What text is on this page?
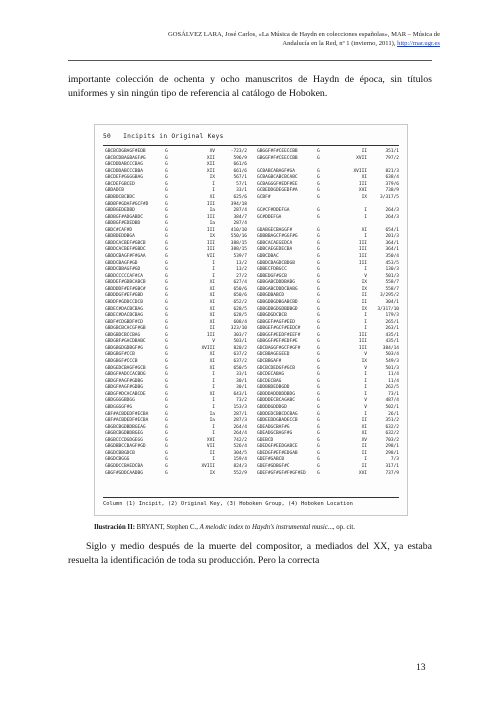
GOSÁLVEZ LARA, José Carlos, «La Música de Haydn en colecciones españolas», MAR – Música de
Andalucía en la Red, nº 1 (invierno, 2011), http://mar.ugr.es

importante colección de ochenta y ocho manuscritos de Haydn de época, sin títulos uniformes y sin ningún tipo de referencia al catálogo de Hoboken.

50 Incipits in Original Keys
GBCBCDGBAGF#EDB	G	XV	-723/2
GBCBCDBAGBAGF#G	G	XII	596/9
GBCDDDABCCCBAG	G	XII	661/6
GBCDDDABCCCBBA	G	XII	661/6
GBCDEF#GGGGBAG	G	IX	567/1
GBCDEFGBCED	G	I	57/1
GBDADCB	G	I	33/1
GBDBDCBCBDC	G	XI	625/6
GBDBF#GDAF#GCF#D	G	III	394/18
GBDBGEDEDBD	G	Ia	287/4
GBDBGF#ADGABDC	G	III	384/7
GBDBGF#EDEDBD	G	Ia	287/4
GBDC#CAF#D	G	III	410/10
GBDBDEDDBGA	G	IX	550/16
GBDDCACBEF#GBCB	G	III	388/15
GBDDCACBEF#GBDC	G	III	388/15
GBDDCBAGF#F#GAA	G	VII	539/7
GBDDCBAGF#GD	G	I	13/2
GBDDCBBAGF#GD	G	I	13/2
GBDDCCCCCAF#CA	G	I	27/2
GBDDEF#GDBCABCB	G	XI	627/4
GBDDDDF#EF#GBC#	G	XI	650/6
GBDDDGF#EF#GBD	G	XI	650/6
GBDDF#GDDCCDCB	G	XI	652/2
GBDEC#DACBCBAG	G	XI	628/5
GBDEC#DACBCBAG	G	XI	628/5
GBDF#CDGBDF#CD	G	XI	608/4
GBDGBCBCACGF#GB	G	II	323/10
GBDGBDCBCCBAG	G	III	303/7
GBDGBF#GACDBABC	G	V	503/1
GBDGBGDGDBGF#G	G	XVIII	820/2
GBDGBGF#CCB	G	XI	637/2
GBDGBGF#CCCB	G	XI	637/2
GBDGEDCBAGF#GCB	G	XI	650/5
GBDGF#ADCCACBDG	G	I	33/1
GBDGF#AGF#GDBG	G	I	30/1
GBDGF#AGF#GDBG	G	I	30/1
GBDGF#DCACABCDE	G	XI	643/1
GBDGGGGBDGG	G	I	73/2
GBDGGGGF#G	G	I	153/3
GBF#ACBDEDF#ECBA	G	Ia	287/1
GBF#ACBDEDF#ECBA	G	Ia	287/3
GBGBCBGDBDBGEAG	G	I	264/4
GBGBCBGDBDBGEG	G	I	264/4
GBGBCCCDGDGEGG	G	XVI	742/2
GBGDBBCCBAGF#GD	G	VII	526/4
GBGDCBBGDCB	G	II	304/5
GBGDCBGGG	G	I	159/4
GBGDDCCBAEDCBA	G	XVIII	824/3
GBGF#GDDCAADBG	G	IX	552/9
GBGGF#F#CEECCBB	G	II	351/1
GBGGF#F#CEECCBB	G	XVII	797/2
GCBABCABAGF#GA	G	XVIII	821/3
GCBAGBCABCBCABC	G	XI	638/4
GCBAGGGF#EDF#EE	G	III	379/6
GCBEDDGDEGEDF#A	G	XVI	738/9
GCBF#	G	IX	3/317/5
GC#CF#DDEFGA	G	I	264/3
GC#DDEFGA	G	I	264/3
GDABGECBAGGF#	G	XI	654/1
GDBBBAGCF#GGF#G	G	I	201/3
GDBCACAEGEDCA	G	III	364/1
GDBCAEGEDECBA	G	III	364/1
GDBCDBAC	G	III	350/4
GDBDCBAGDCBDGB	G	III	453/5
GDBECFDBGCC	G	I	130/3
GDBEDGF#GCB	G	V	501/3
GDBGABCDDDBABG	G	IX	558/7
GDBGABCDDDCBABG	G	IX	558/7
GDBGDBABCD	G	II	3/295/2
GDBGDBGDBGABCBD	G	II	304/1
GDBGDBGDGDBDBGD	G	IX 3/317/10
GDBGDGDCBCB	G	I	179/3
GDBGEF#AGF#EED	G	I	265/1
GDBGEF#GCF#EEDC#	G	I	263/1
GDBGGF#EEDF#EEF#	G	III	435/1
GDBGGF#EF#EDF#E	G	III	435/1
GDCBAGGF#GCF#GF#	G	III	384/14
GDCBBAGEGEED	G	V	503/4
GDCBBGAF#	G	IX	549/3
GDCBCDEDGF#GCB	G	V	501/3
GDCDECABAG	G	I	11/4
GDCDECBAG	G	I	11/4
GDDBBDEDBGDD	G	I	262/5
GDDDDADDDDDBDG	G	I	73/1
GDDDDECBCAGABC	G	V	487/4
GDDDDGDDDGD	G	V	502/1
GDDDEDCBBCDCBAG	G	I	26/1
GDDEEDDGBADECCB	G	II	351/2
GDEADGCBAF#G	G	XI	632/2
GDEADGCBAGF#G	G	XI	632/2
GDEBCD	G	XV	703/2
GDEDGF#EEDGABCE	G	II	298/1
GDEDGF#EF#EDGAB	G	II	298/1
GDEF#GABCB	G	I	7/3
GDEF#GDBGF#C	G	II	317/1
GDEF#GF#GF#F#GF#ED G	XVI	737/9
Column (1) Incipit, (2) Original Key, (3) Hoboken Group, (4) Hoboken Location
Ilustración II: BRYANT, Stephen C., A melodic index to Haydn's instrumental music..., op. cit.

Siglo y medio después de la muerte del compositor, a mediados del XX, ya estaba resuelta la identificación de toda su producción. Pero la correcta

13
